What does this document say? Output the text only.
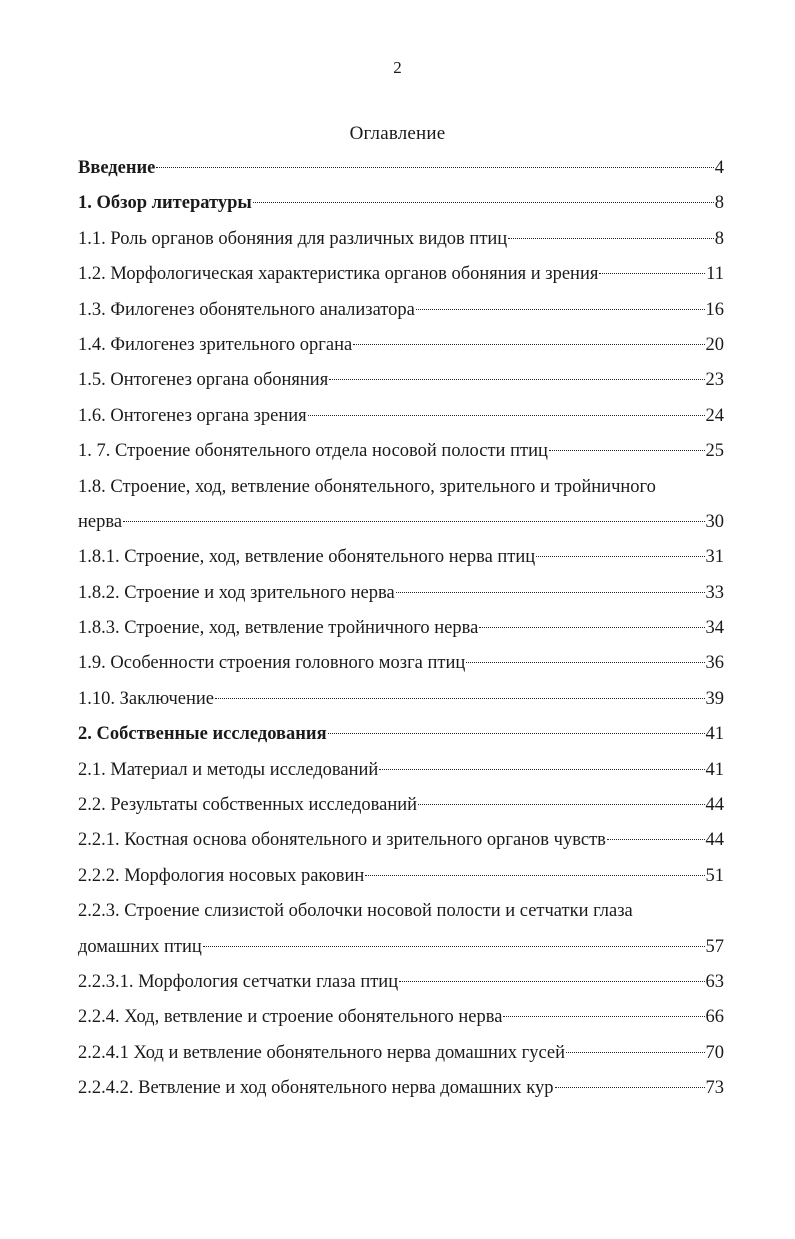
2
Оглавление
Введение	4
1. Обзор литературы	8
1.1. Роль органов обоняния для различных видов птиц	8
1.2. Морфологическая характеристика органов обоняния и зрения	11
1.3. Филогенез обонятельного анализатора	16
1.4. Филогенез зрительного органа	20
1.5. Онтогенез органа обоняния	23
1.6. Онтогенез органа зрения	24
1. 7. Строение обонятельного отдела носовой полости птиц	25
1.8. Строение, ход, ветвление обонятельного, зрительного и тройничного
нерва	30
1.8.1. Строение, ход, ветвление обонятельного нерва птиц	31
1.8.2. Строение и ход зрительного нерва	33
1.8.3. Строение, ход, ветвление тройничного нерва	34
1.9. Особенности строения головного мозга птиц	36
1.10. Заключение	39
2. Собственные исследования	41
2.1. Материал и методы исследований	41
2.2. Результаты собственных исследований	44
2.2.1. Костная основа обонятельного и зрительного органов чувств	44
2.2.2. Морфология носовых раковин	51
2.2.3. Строение слизистой оболочки носовой полости и сетчатки глаза
домашних птиц	57
2.2.3.1. Морфология сетчатки глаза птиц	63
2.2.4. Ход, ветвление и строение обонятельного нерва	66
2.2.4.1 Ход и ветвление обонятельного нерва домашних гусей	70
2.2.4.2. Ветвление и ход обонятельного нерва домашних кур	73
